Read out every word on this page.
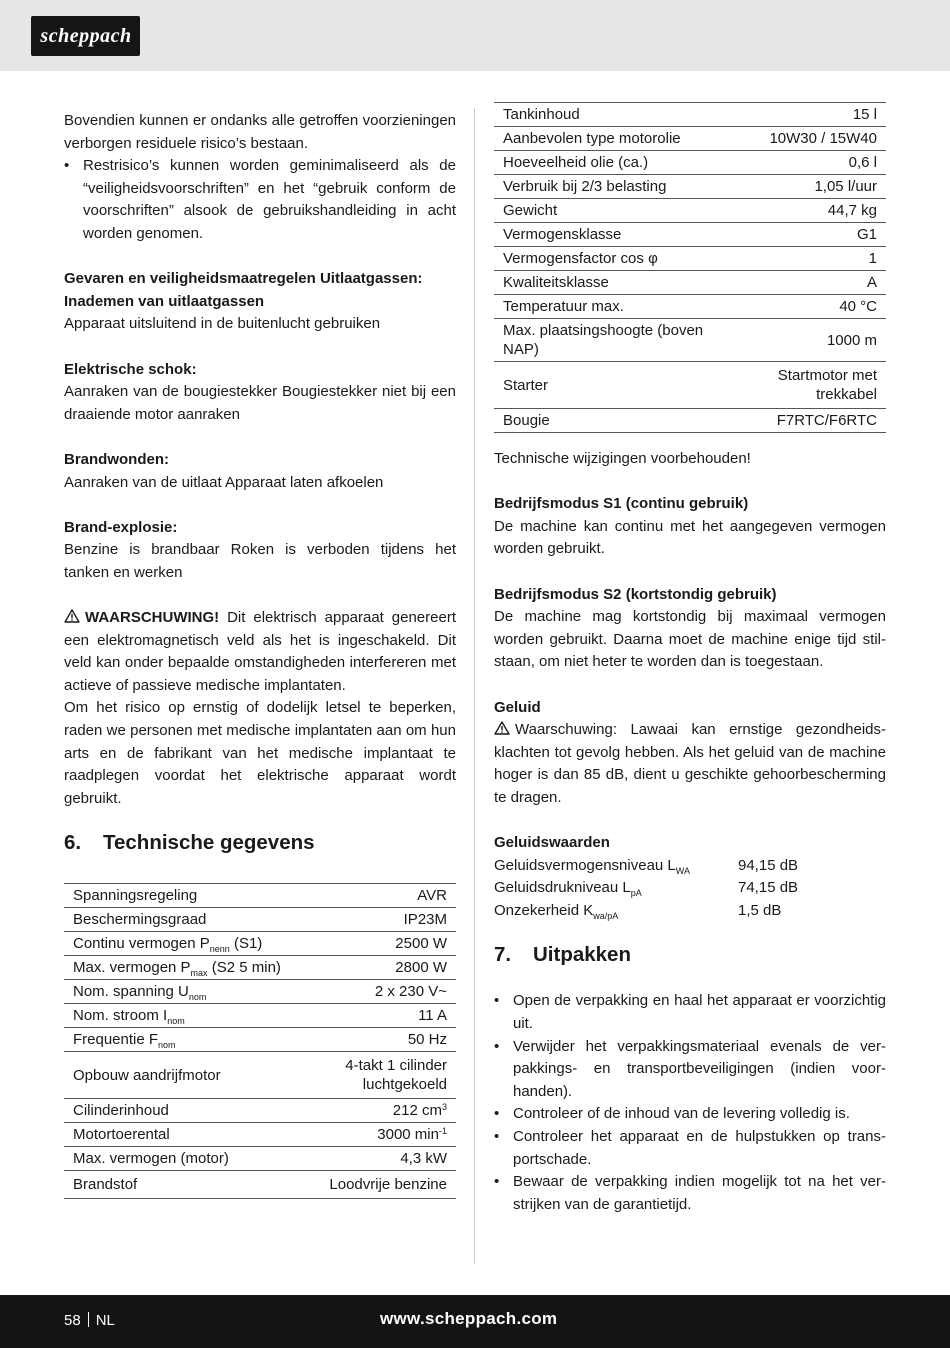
scheppach

Bovendien kunnen er ondanks alle getroffen voorzieningen verborgen residuele risico’s bestaan.

• Restrisico’s kunnen worden geminimaliseerd als de “veiligheidsvoorschriften” en het “gebruik conform de voorschriften” alsook de gebruikshandleiding in acht worden genomen.

Gevaren en veiligheidsmaatregelen Uitlaatgassen:

Inademen van uitlaatgassen

Apparaat uitsluitend in de buitenlucht gebruiken

Elektrische schok:

Aanraken van de bougiestekker Bougiestekker niet bij een draaiende motor aanraken

Brandwonden:

Aanraken van de uitlaat Apparaat laten afkoelen

Brand-explosie:

Benzine is brandbaar Roken is verboden tijdens het tanken en werken

WAARSCHUWING! Dit elektrisch apparaat genereert een elektromagnetisch veld als het is ingeschakeld. Dit veld kan onder bepaalde omstandigheden interfereren met actieve of passieve medische implantaten.

Om het risico op ernstig of dodelijk letsel te beperken, raden we personen met medische implantaten aan om hun arts en de fabrikant van het medische implantaat te raadplegen voordat het elektrische apparaat wordt gebruikt.

6.	Technische gegevens
Spanningsregeling	AVR
Beschermingsgraad	IP23M
Continu vermogen $P_{nenn}$ (S1)	2500 W
Max. vermogen $P_{max}$ (S2 5 min)	2800 W
Nom. spanning $U_{nom}$	2 x 230 V~
Nom. stroom $I_{nom}$	11 A
Frequentie $F_{nom}$	50 Hz
Opbouw aandrijfmotor	4-takt 1 cilinder luchtgekoeld
Cilinderinhoud	212 $cm^3$
Motortoerental	3000 $\min^{-1}$
Max. vermogen (motor)	4,3 kW
Brandstof	Loodvrije benzine
Tankinhoud	15 l
Aanbevolen type motorolie	10W30 / 15W40
Hoeveelheid olie (ca.)	0,6 l
Verbruik bij 2/3 belasting	1,05 l/uur
Gewicht	44,7 kg
Vermogensklasse	G1
Vermogensfactor cos φ	1
Kwaliteitsklasse	A
Temperatuur max.	40 °C
Max. plaatsingshoogte (boven NAP)	1000 m
Starter	Startmotor met trekkabel
Bougie	F7RTC/F6RTC

Technische wijzigingen voorbehouden!

Bedrijfsmodus S1 (continu gebruik)

De machine kan continu met het aangegeven vermogen worden gebruikt.

Bedrijfsmodus S2 (kortstondig gebruik)

De machine mag kortstondig bij maximaal vermogen worden gebruikt. Daarna moet de machine enige tijd stilstaan, om niet heter te worden dan is toegestaan.

Geluid

Waarschuwing: Lawaai kan ernstige gezondheidsklachten tot gevolg hebben. Als het geluid van de machine hoger is dan 85 dB, dient u geschikte gehoorbescherming te dragen.

Geluidswaarden

Geluidsvermogensniveau $L_{WA}$	94,15 dB
Geluidsdrukniveau $L_{pA}$	74,15 dB
Onzekerheid $K_{wa/pA}$	1,5 dB
7.	Uitpakken
• Open de verpakking en haal het apparaat er voorzichtig uit.
• Verwijder het verpakkingsmateriaal evenals de verpakkings- en transportbeveiligingen (indien voorhanden).
• Controleer of de inhoud van de levering volledig is.
• Controleer het apparaat en de hulpstukken op transportschade.
• Bewaar de verpakking indien mogelijk tot na het verstrijken van de garantietijd.
58 NL	www.scheppach.com
